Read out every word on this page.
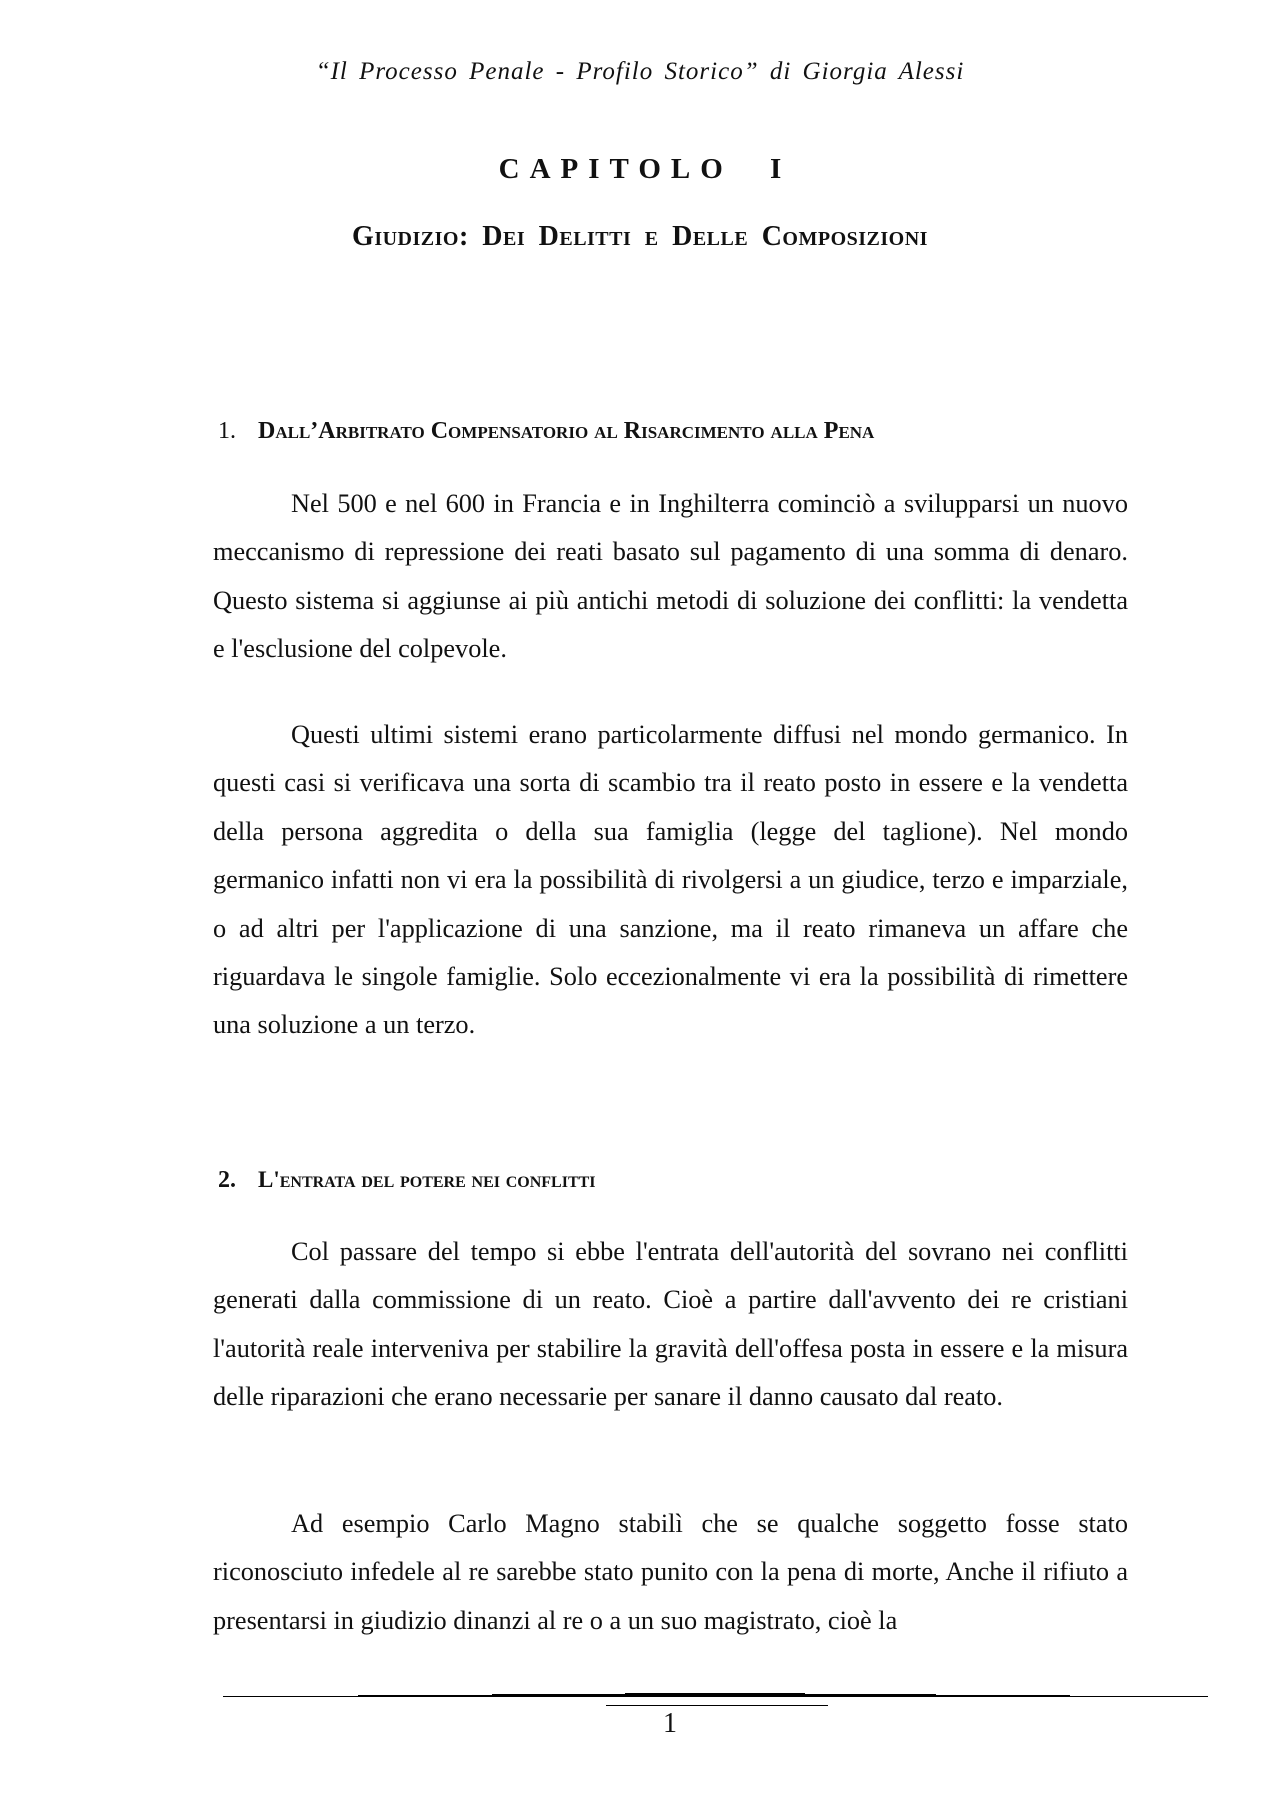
“Il Processo Penale - Profilo Storico” di Giorgia Alessi
CAPITOLO I
Giudizio: Dei Delitti e Delle Composizioni
1. Dall’Arbitrato Compensatorio al Risarcimento alla Pena

Nel 500 e nel 600 in Francia e in Inghilterra cominciò a svilupparsi un nuovo meccanismo di repressione dei reati basato sul pagamento di una somma di denaro. Questo sistema si aggiunse ai più antichi metodi di soluzione dei conflitti: la vendetta e l'esclusione del colpevole.

Questi ultimi sistemi erano particolarmente diffusi nel mondo germanico. In questi casi si verificava una sorta di scambio tra il reato posto in essere e la vendetta della persona aggredita o della sua famiglia (legge del taglione). Nel mondo germanico infatti non vi era la possibilità di rivolgersi a un giudice, terzo e imparziale, o ad altri per l'applicazione di una sanzione, ma il reato rimaneva un affare che riguardava le singole famiglie. Solo eccezionalmente vi era la possibilità di rimettere una soluzione a un terzo.

2. L'entrata del potere nei conflitti

Col passare del tempo si ebbe l'entrata dell'autorità del sovrano nei conflitti generati dalla commissione di un reato. Cioè a partire dall'avvento dei re cristiani l'autorità reale interveniva per stabilire la gravità dell'offesa posta in essere e la misura delle riparazioni che erano necessarie per sanare il danno causato dal reato.

Ad esempio Carlo Magno stabilì che se qualche soggetto fosse stato riconosciuto infedele al re sarebbe stato punito con la pena di morte, Anche il rifiuto a presentarsi in giudizio dinanzi al re o a un suo magistrato, cioè la

1
